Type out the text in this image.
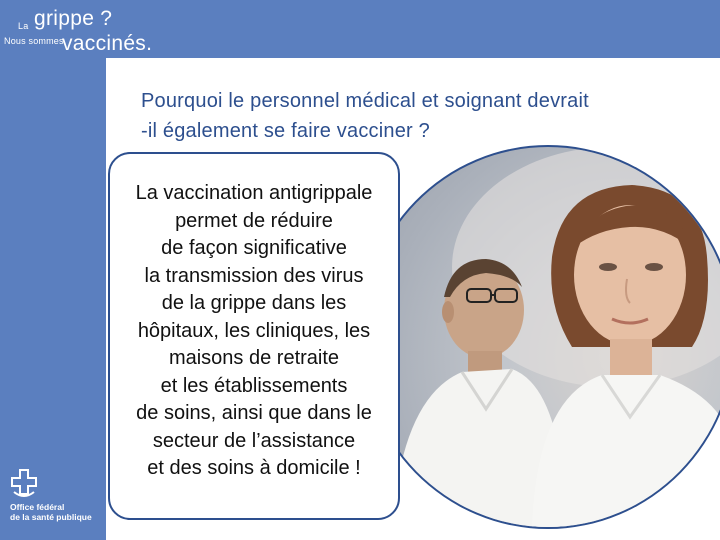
La grippe ?
Nous sommes
vaccinés.
Pourquoi le personnel médical et soignant devrait
-il également se faire vacciner ?
La vaccination antigrippale
permet de réduire
de façon significative
la transmission des virus
de la grippe dans les
hôpitaux, les cliniques, les
maisons de retraite
et les établissements
de soins, ainsi que dans le
secteur de l’assistance
et des soins à domicile !
Office fédéral
de la santé publique
